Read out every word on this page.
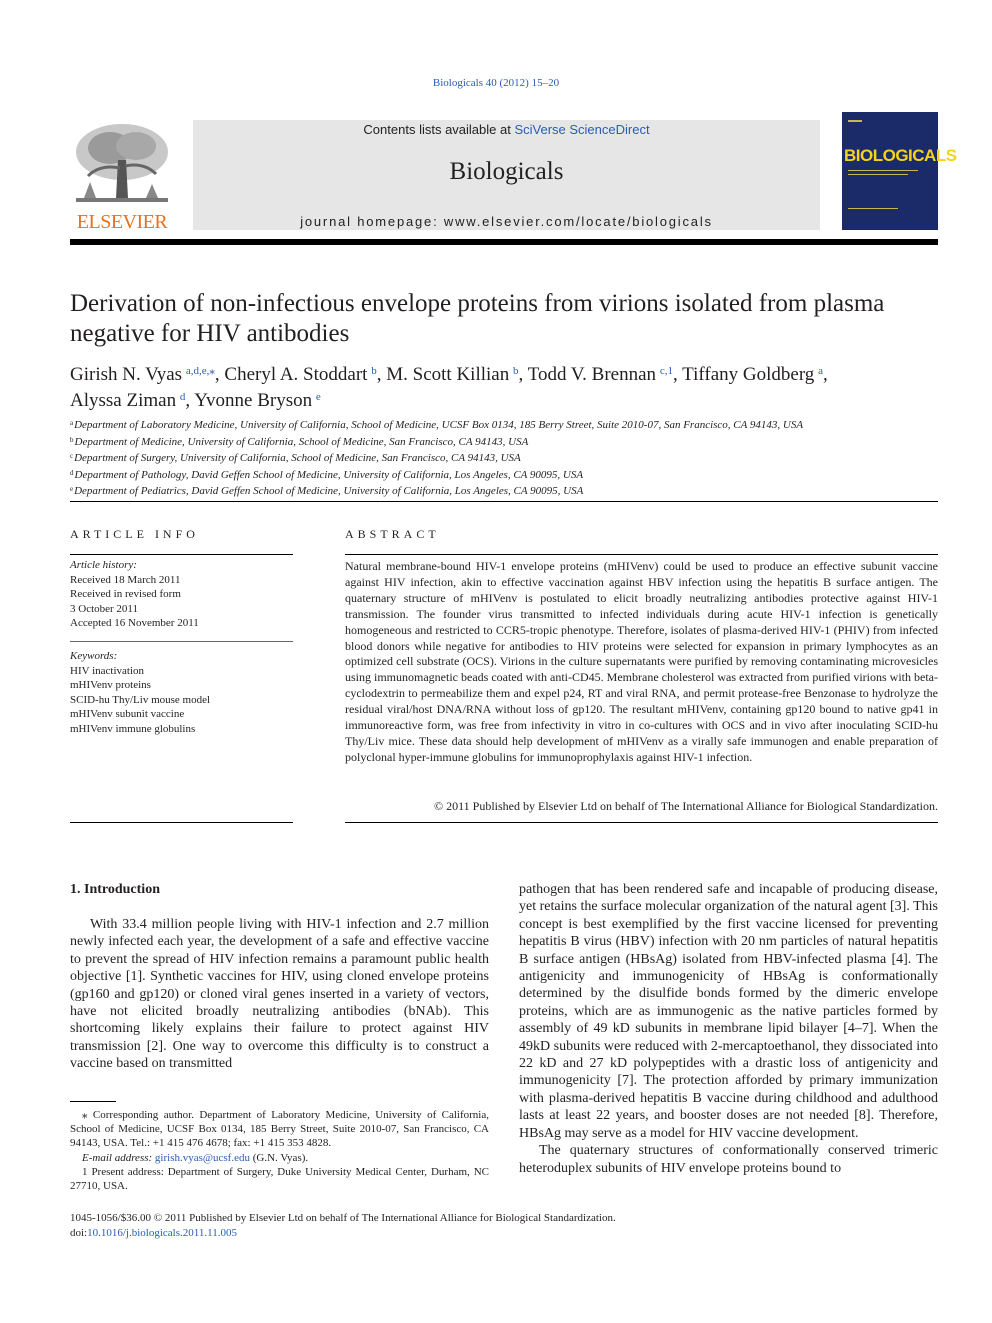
Biologicals 40 (2012) 15–20
ELSEVIER
Contents lists available at SciVerse ScienceDirect
Biologicals
journal homepage: www.elsevier.com/locate/biologicals
BIOLOGICALS
Derivation of non-infectious envelope proteins from virions isolated from plasma negative for HIV antibodies
Girish N. Vyas  $^{a,d,e,⁎}$, Cheryl A. Stoddart  $^b$, M. Scott Killian  $^b$, Todd V. Brennan  $^{c,1}$, Tiffany Goldberg  $^a$,
Alyssa Ziman  $^d$, Yvonne Bryson  $^e$
$^a$Department of Laboratory Medicine, University of California, School of Medicine, UCSF Box 0134, 185 Berry Street, Suite 2010-07, San Francisco, CA 94143, USA
$^b$Department of Medicine, University of California, School of Medicine, San Francisco, CA 94143, USA
$^c$Department of Surgery, University of California, School of Medicine, San Francisco, CA 94143, USA
$^d$Department of Pathology, David Geffen School of Medicine, University of California, Los Angeles, CA 90095, USA
$^e$Department of Pediatrics, David Geffen School of Medicine, University of California, Los Angeles, CA 90095, USA
ARTICLE INFO
Article history:
Received 18 March 2011
Received in revised form
3 October 2011
Accepted 16 November 2011
Keywords:
HIV inactivation
mHIVenv proteins
SCID-hu Thy/Liv mouse model
mHIVenv subunit vaccine
mHIVenv immune globulins
ABSTRACT
Natural membrane-bound HIV-1 envelope proteins (mHIVenv) could be used to produce an effective subunit vaccine against HIV infection, akin to effective vaccination against HBV infection using the hepatitis B surface antigen. The quaternary structure of mHIVenv is postulated to elicit broadly neutralizing antibodies protective against HIV-1 transmission. The founder virus transmitted to infected individuals during acute HIV-1 infection is genetically homogeneous and restricted to CCR5-tropic phenotype. Therefore, isolates of plasma-derived HIV-1 (PHIV) from infected blood donors while negative for antibodies to HIV proteins were selected for expansion in primary lymphocytes as an optimized cell substrate (OCS). Virions in the culture supernatants were purified by removing contaminating microvesicles using immunomagnetic beads coated with anti-CD45. Membrane cholesterol was extracted from purified virions with beta-cyclodextrin to permeabilize them and expel p24, RT and viral RNA, and permit protease-free Benzonase to hydrolyze the residual viral/host DNA/RNA without loss of gp120. The resultant mHIVenv, containing gp120 bound to native gp41 in immunoreactive form, was free from infectivity in vitro in co-cultures with OCS and in vivo after inoculating SCID-hu Thy/Liv mice. These data should help development of mHIVenv as a virally safe immunogen and enable preparation of polyclonal hyper-immune globulins for immunoprophylaxis against HIV-1 infection.
© 2011 Published by Elsevier Ltd on behalf of The International Alliance for Biological Standardization.
1. Introduction

With 33.4 million people living with HIV-1 infection and 2.7 million newly infected each year, the development of a safe and effective vaccine to prevent the spread of HIV infection remains a paramount public health objective [1]. Synthetic vaccines for HIV, using cloned envelope proteins (gp160 and gp120) or cloned viral genes inserted in a variety of vectors, have not elicited broadly neutralizing antibodies (bNAb). This shortcoming likely explains their failure to protect against HIV transmission [2]. One way to overcome this difficulty is to construct a vaccine based on transmitted

pathogen that has been rendered safe and incapable of producing disease, yet retains the surface molecular organization of the natural agent [3]. This concept is best exemplified by the first vaccine licensed for preventing hepatitis B virus (HBV) infection with 20 nm particles of natural hepatitis B surface antigen (HBsAg) isolated from HBV-infected plasma [4]. The antigenicity and immunogenicity of HBsAg is conformationally determined by the disulfide bonds formed by the dimeric envelope proteins, which are as immunogenic as the native particles formed by assembly of 49 kD subunits in membrane lipid bilayer [4–7]. When the 49kD subunits were reduced with 2-mercaptoethanol, they dissociated into 22 kD and 27 kD polypeptides with a drastic loss of antigenicity and immunogenicity [7]. The protection afforded by primary immunization with plasma-derived hepatitis B vaccine during childhood and adulthood lasts at least 22 years, and booster doses are not needed [8]. Therefore, HBsAg may serve as a model for HIV vaccine development.

The quaternary structures of conformationally conserved trimeric heteroduplex subunits of HIV envelope proteins bound to

⁎ Corresponding author. Department of Laboratory Medicine, University of California, School of Medicine, UCSF Box 0134, 185 Berry Street, Suite 2010-07, San Francisco, CA 94143, USA. Tel.: +1 415 476 4678; fax: +1 415 353 4828.

E-mail address: girish.vyas@ucsf.edu (G.N. Vyas).

1 Present address: Department of Surgery, Duke University Medical Center, Durham, NC 27710, USA.

1045-1056/$36.00 © 2011 Published by Elsevier Ltd on behalf of The International Alliance for Biological Standardization.
doi:10.1016/j.biologicals.2011.11.005
